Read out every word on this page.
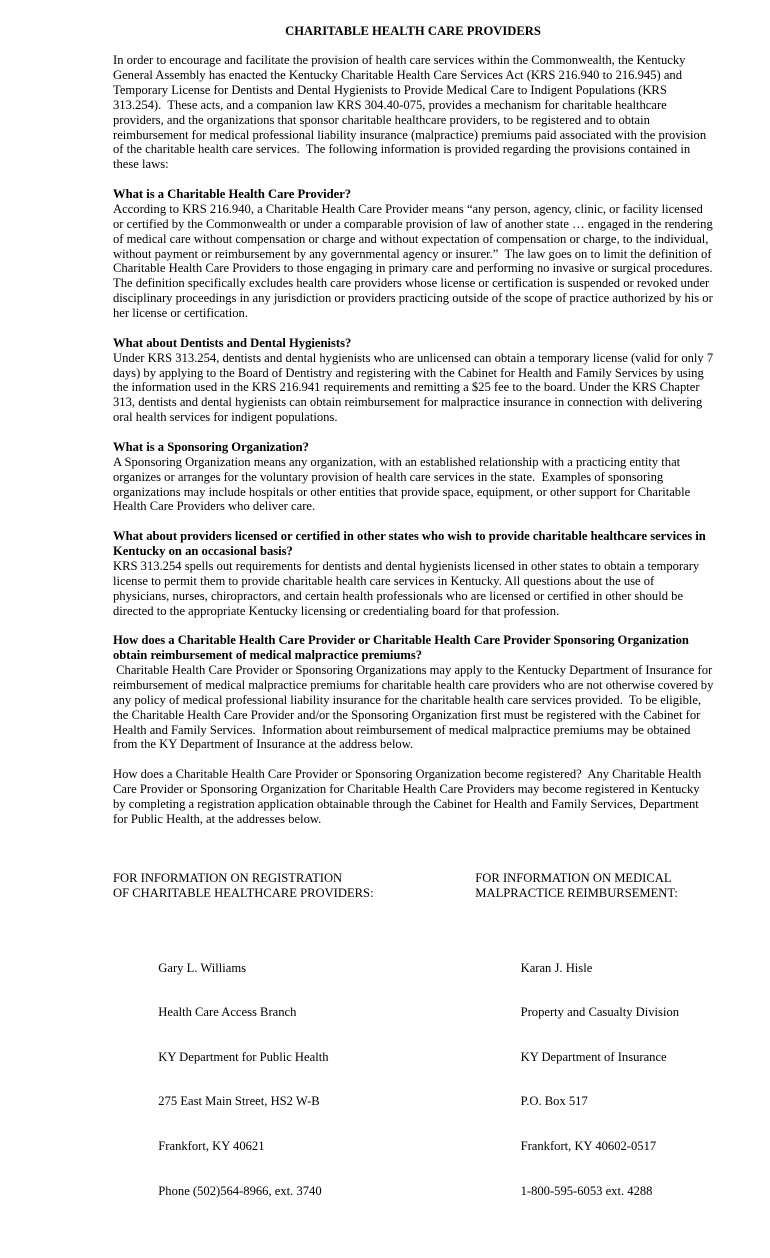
CHARITABLE HEALTH CARE PROVIDERS
In order to encourage and facilitate the provision of health care services within the Commonwealth, the Kentucky
General Assembly has enacted the Kentucky Charitable Health Care Services Act (KRS 216.940 to 216.945) and
Temporary License for Dentists and Dental Hygienists to Provide Medical Care to Indigent Populations (KRS
313.254).  These acts, and a companion law KRS 304.40-075, provides a mechanism for charitable healthcare
providers, and the organizations that sponsor charitable healthcare providers, to be registered and to obtain
reimbursement for medical professional liability insurance (malpractice) premiums paid associated with the provision
of the charitable health care services.  The following information is provided regarding the provisions contained in
these laws:
What is a Charitable Health Care Provider?
According to KRS 216.940, a Charitable Health Care Provider means “any person, agency, clinic, or facility licensed
or certified by the Commonwealth or under a comparable provision of law of another state … engaged in the rendering
of medical care without compensation or charge and without expectation of compensation or charge, to the individual,
without payment or reimbursement by any governmental agency or insurer.”  The law goes on to limit the definition of
Charitable Health Care Providers to those engaging in primary care and performing no invasive or surgical procedures.
The definition specifically excludes health care providers whose license or certification is suspended or revoked under
disciplinary proceedings in any jurisdiction or providers practicing outside of the scope of practice authorized by his or
her license or certification.
What about Dentists and Dental Hygienists?
Under KRS 313.254, dentists and dental hygienists who are unlicensed can obtain a temporary license (valid for only 7
days) by applying to the Board of Dentistry and registering with the Cabinet for Health and Family Services by using
the information used in the KRS 216.941 requirements and remitting a $25 fee to the board. Under the KRS Chapter
313, dentists and dental hygienists can obtain reimbursement for malpractice insurance in connection with delivering
oral health services for indigent populations.
What is a Sponsoring Organization?
A Sponsoring Organization means any organization, with an established relationship with a practicing entity that
organizes or arranges for the voluntary provision of health care services in the state.  Examples of sponsoring
organizations may include hospitals or other entities that provide space, equipment, or other support for Charitable
Health Care Providers who deliver care.
What about providers licensed or certified in other states who wish to provide charitable healthcare services in
Kentucky on an occasional basis?
KRS 313.254 spells out requirements for dentists and dental hygienists licensed in other states to obtain a temporary
license to permit them to provide charitable health care services in Kentucky. All questions about the use of
physicians, nurses, chiropractors, and certain health professionals who are licensed or certified in other should be
directed to the appropriate Kentucky licensing or credentialing board for that profession.
How does a Charitable Health Care Provider or Charitable Health Care Provider Sponsoring Organization
obtain reimbursement of medical malpractice premiums?
Charitable Health Care Provider or Sponsoring Organizations may apply to the Kentucky Department of Insurance for
reimbursement of medical malpractice premiums for charitable health care providers who are not otherwise covered by
any policy of medical professional liability insurance for the charitable health care services provided.  To be eligible,
the Charitable Health Care Provider and/or the Sponsoring Organization first must be registered with the Cabinet for
Health and Family Services.  Information about reimbursement of medical malpractice premiums may be obtained
from the KY Department of Insurance at the address below.
How does a Charitable Health Care Provider or Sponsoring Organization become registered?  Any Charitable Health
Care Provider or Sponsoring Organization for Charitable Health Care Providers may become registered in Kentucky
by completing a registration application obtainable through the Cabinet for Health and Family Services, Department
for Public Health, at the addresses below.

FOR INFORMATION ON REGISTRATION
OF CHARITABLE HEALTHCARE PROVIDERS:

Gary L. Williams

Health Care Access Branch

KY Department for Public Health

275 East Main Street, HS2 W-B

Frankfort, KY 40621

Phone (502)564-8966, ext. 3740

FOR INFORMATION ON MEDICAL
MALPRACTICE REIMBURSEMENT:

Karan J. Hisle

Property and Casualty Division

KY Department of Insurance

P.O. Box 517

Frankfort, KY 40602-0517

1-800-595-6053 ext. 4288
